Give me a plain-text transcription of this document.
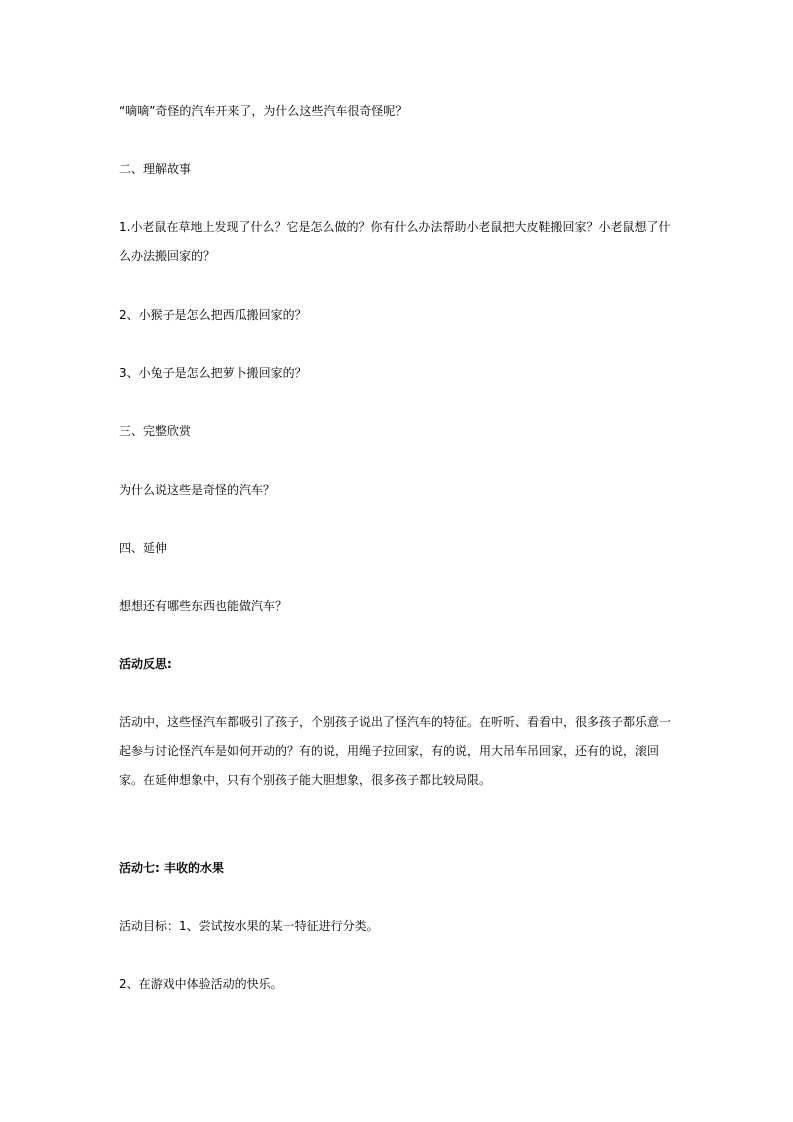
“嘀嘀”奇怪的汽车开来了，为什么这些汽车很奇怪呢？
二、理解故事
1.小老鼠在草地上发现了什么？它是怎么做的？你有什么办法帮助小老鼠把大皮鞋搬回家？小老鼠想了什么办法搬回家的？
2、小猴子是怎么把西瓜搬回家的？
3、小兔子是怎么把萝卜搬回家的？
三、完整欣赏
为什么说这些是奇怪的汽车？
四、延伸
想想还有哪些东西也能做汽车？
活动反思:
活动中，这些怪汽车都吸引了孩子，个别孩子说出了怪汽车的特征。在听听、看看中，很多孩子都乐意一起参与讨论怪汽车是如何开动的？有的说，用绳子拉回家，有的说，用大吊车吊回家，还有的说，滚回家。在延伸想象中，只有个别孩子能大胆想象，很多孩子都比较局限。
活动七: 丰收的水果
活动目标：1、尝试按水果的某一特征进行分类。
2、在游戏中体验活动的快乐。
